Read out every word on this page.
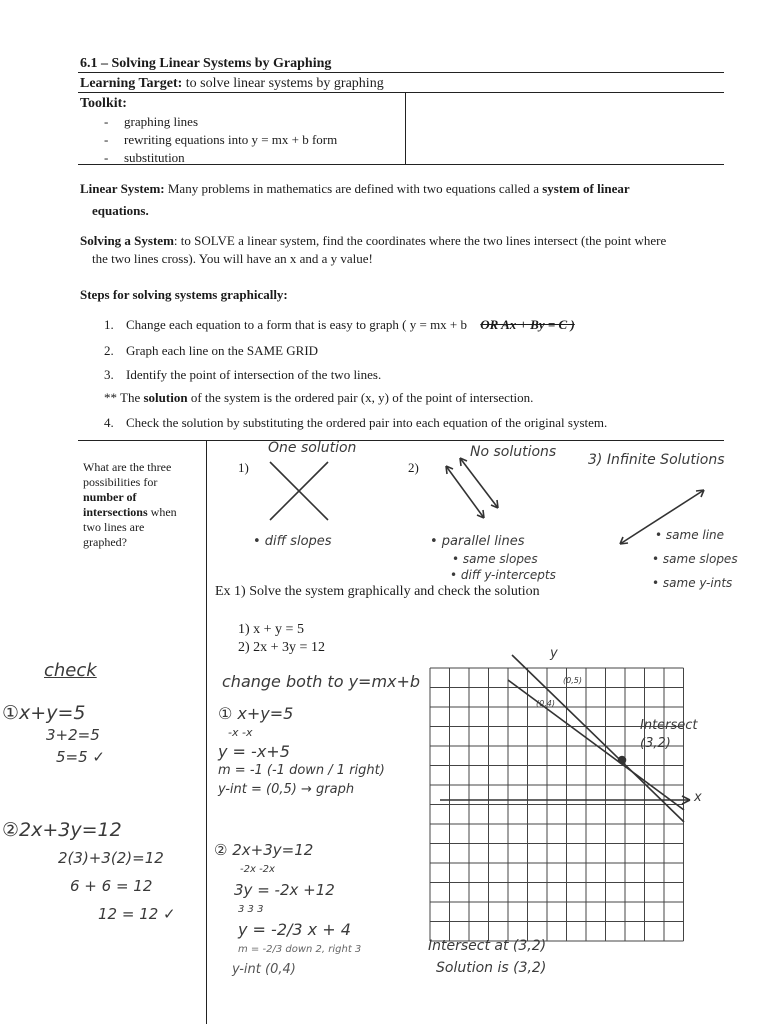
6.1 – Solving Linear Systems by Graphing
Learning Target: to solve linear systems by graphing
Toolkit:
- graphing lines
- rewriting equations into y = mx + b form
- substitution
Linear System: Many problems in mathematics are defined with two equations called a system of linear
equations.
Solving a System: to SOLVE a linear system, find the coordinates where the two lines intersect (the point where
the two lines cross). You will have an x and a y value!
Steps for solving systems graphically:
1. Change each equation to a form that is easy to graph ( y = mx + b OR Ax + By = C )
2. Graph each line on the SAME GRID
3. Identify the point of intersection of the two lines.
** The solution of the system is the ordered pair (x, y) of the point of intersection.
4. Check the solution by substituting the ordered pair into each equation of the original system.
What are the three
possibilities for
number of
intersections when
two lines are
graphed?
1)
One solution
• diff slopes
2)
No solutions
• parallel lines
• same slopes
• diff y-intercepts
3) Infinite Solutions
• same line
• same slopes
• same y-ints
Ex 1) Solve the system graphically and check the solution
1) x + y = 5
2) 2x + 3y = 12
change both to y=mx+b
① x+y=5
-x -x
y = -x+5
m = -1 (-1 down / 1 right)
y-int = (0,5) → graph
② 2x+3y=12
-2x -2x
3y = -2x +12
3 3 3
y = -2/3 x + 4
m = -2/3 down 2, right 3
y-int (0,4)
check
①x+y=5
3+2=5
5=5 ✓
②2x+3y=12
2(3)+3(2)=12
6 + 6 = 12
12 = 12 ✓
y
x
(0,5)
(0,4)
Intersect
(3,2)
Intersect at (3,2)
Solution is (3,2)
